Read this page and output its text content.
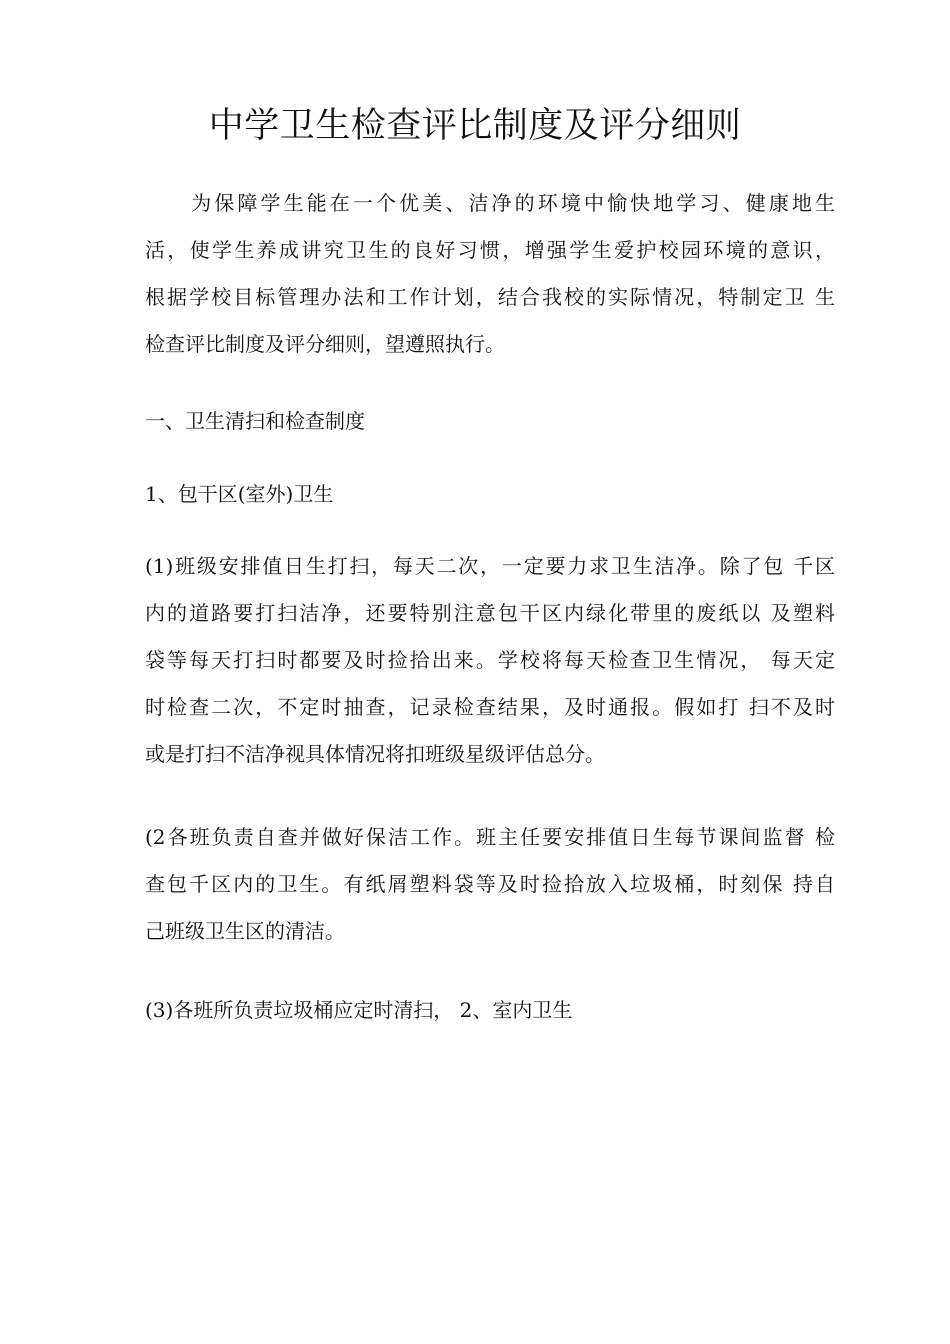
中学卫生检查评比制度及评分细则
　　为保障学生能在一个优美、洁净的环境中愉快地学习、健康地生
活，使学生养成讲究卫生的良好习惯，增强学生爱护校园环境的意识，
根据学校目标管理办法和工作计划，结合我校的实际情况，特制定卫 生
检查评比制度及评分细则，望遵照执行。
一、卫生清扫和检查制度
1、包干区(室外)卫生
(1)班级安排值日生打扫，每天二次，一定要力求卫生洁净。除了包 千区
内的道路要打扫洁净，还要特别注意包干区内绿化带里的废纸以 及塑料
袋等每天打扫时都要及时捡拾出来。学校将每天检查卫生情况， 每天定
时检查二次，不定时抽查，记录检查结果，及时通报。假如打 扫不及时
或是打扫不洁净视具体情况将扣班级星级评估总分。
(2各班负责自查并做好保洁工作。班主任要安排值日生每节课间监督 检
查包千区内的卫生。有纸屑塑料袋等及时捡拾放入垃圾桶，时刻保 持自
己班级卫生区的清洁。
(3)各班所负责垃圾桶应定时清扫， 2、室内卫生
